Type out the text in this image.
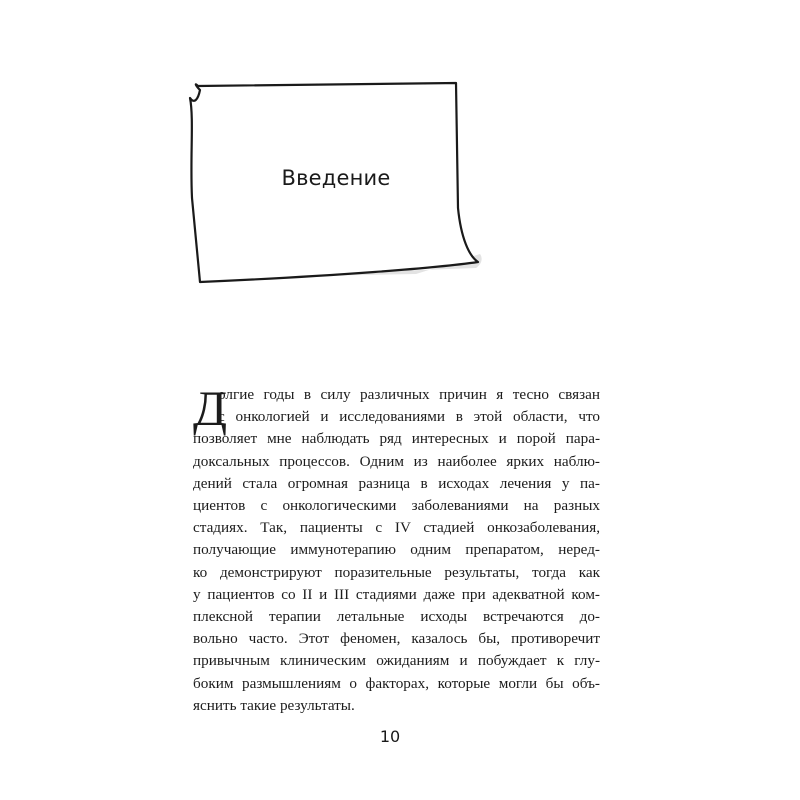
Введение
Д
олгие годы в силу различных причин я тесно связан
с онкологией и исследованиями в этой области, что
позволяет мне наблюдать ряд интересных и порой пара-
доксальных процессов. Одним из наиболее ярких наблю-
дений стала огромная разница в исходах лечения у па-
циентов с онкологическими заболеваниями на разных
стадиях. Так, пациенты с IV стадией онкозаболевания,
получающие иммунотерапию одним препаратом, неред-
ко демонстрируют поразительные результаты, тогда как
у пациентов со II и III стадиями даже при адекватной ком-
плексной терапии летальные исходы встречаются до-
вольно часто. Этот феномен, казалось бы, противоречит
привычным клиническим ожиданиям и побуждает к глу-
боким размышлениям о факторах, которые могли бы объ-
яснить такие результаты.
10
